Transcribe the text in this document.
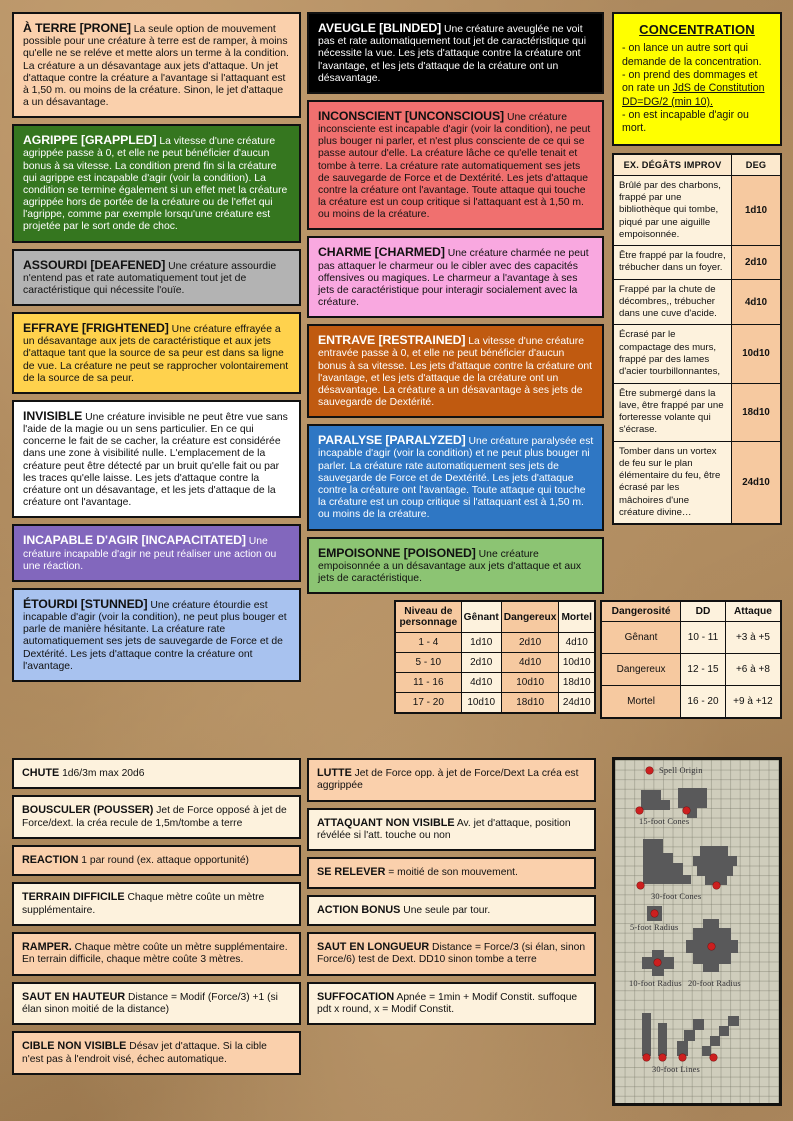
À TERRE [PRONE] La seule option de mouvement possible pour une créature à terre est de ramper, à moins qu'elle ne se reléve et mette alors un terme à la condition. La créature a un désavantage aux jets d'attaque. Un jet d'attaque contre la créature a l'avantage si l'attaquant est à 1,50 m. ou moins de la créature. Sinon, le jet d'attaque a un désavantage.
AGRIPPE [GRAPPLED] La vitesse d'une créature agrippée passe à 0, et elle ne peut bénéficier d'aucun bonus à sa vitesse. La condition prend fin si la créature qui agrippe est incapable d'agir (voir la condition). La condition se termine également si un effet met la créature agrippée hors de portée de la créature ou de l'effet qui l'agrippe, comme par exemple lorsqu'une créature est projetée par le sort onde de choc.
ASSOURDI [DEAFENED] Une créature assourdie n'entend pas et rate automatiquement tout jet de caractéristique qui nécessite l'ouïe.
EFFRAYE [FRIGHTENED] Une créature effrayée a un désavantage aux jets de caractéristique et aux jets d'attaque tant que la source de sa peur est dans sa ligne de vue. La créature ne peut se rapprocher volontairement de la source de sa peur.
INVISIBLE Une créature invisible ne peut être vue sans l'aide de la magie ou un sens particulier. En ce qui concerne le fait de se cacher, la créature est considérée dans une zone à visibilité nulle. L'emplacement de la créature peut être détecté par un bruit qu'elle fait ou par les traces qu'elle laisse. Les jets d'attaque contre la créature ont un désavantage, et les jets d'attaque de la créature ont l'avantage.
INCAPABLE D'AGIR [INCAPACITATED] Une créature incapable d'agir ne peut réaliser une action ou une réaction.
ÉTOURDI [STUNNED] Une créature étourdie est incapable d'agir (voir la condition), ne peut plus bouger et parle de manière hésitante. La créature rate automatiquement ses jets de sauvegarde de Force et de Dextérité. Les jets d'attaque contre la créature ont l'avantage.
AVEUGLE [BLINDED] Une créature aveuglée ne voit pas et rate automatiquement tout jet de caractéristique qui nécessite la vue. Les jets d'attaque contre la créature ont l'avantage, et les jets d'attaque de la créature ont un désavantage.
INCONSCIENT [UNCONSCIOUS] Une créature inconsciente est incapable d'agir (voir la condition), ne peut plus bouger ni parler, et n'est plus consciente de ce qui se passe autour d'elle. La créature lâche ce qu'elle tenait et tombe à terre. La créature rate automatiquement ses jets de sauvegarde de Force et de Dextérité. Les jets d'attaque contre la créature ont l'avantage. Toute attaque qui touche la créature est un coup critique si l'attaquant est à 1,50 m. ou moins de la créature.
CHARME [CHARMED] Une créature charmée ne peut pas attaquer le charmeur ou le cibler avec des capacités offensives ou magiques. Le charmeur a l'avantage à ses jets de caractéristique pour interagir socialement avec la créature.
ENTRAVE [RESTRAINED] La vitesse d'une créature entravée passe à 0, et elle ne peut bénéficier d'aucun bonus à sa vitesse. Les jets d'attaque contre la créature ont l'avantage, et les jets d'attaque de la créature ont un désavantage. La créature a un désavantage à ses jets de sauvegarde de Dextérité.
PARALYSE [PARALYZED] Une créature paralysée est incapable d'agir (voir la condition) et ne peut plus bouger ni parler. La créature rate automatiquement ses jets de sauvegarde de Force et de Dextérité. Les jets d'attaque contre la créature ont l'avantage. Toute attaque qui touche la créature est un coup critique si l'attaquant est à 1,50 m. ou moins de la créature.
EMPOISONNE [POISONED] Une créature empoisonnée a un désavantage aux jets d'attaque et aux jets de caractéristique.
CONCENTRATION
- on lance un autre sort qui demande de la concentration.
- on prend des dommages et on rate un JdS de Constitution DD=DG/2 (min 10).
- on est incapable d'agir ou mort.
EX. DÉGÂTS IMPROV	DEG
Brûlé par des charbons, frappé par une bibliothèque qui tombe, piqué par une aiguille empoisonnée.	1d10
Être frappé par la foudre, trébucher dans un foyer.	2d10
Frappé par la chute de décombres,, trébucher dans une cuve d'acide.	4d10
Écrasé par le compactage des murs, frappé par des lames d'acier tourbillonnantes,	10d10
Être submergé dans la lave, être frappé par une forteresse volante qui s'écrase.	18d10
Tomber dans un vortex de feu sur le plan élémentaire du feu, être écrasé par les mâchoires d'une créature divine…	24d10
Niveau de personnage	Gênant	Dangereux	Mortel
1 - 4	1d10	2d10	4d10
5 - 10	2d10	4d10	10d10
11 - 16	4d10	10d10	18d10
17 - 20	10d10	18d10	24d10
Dangerosité	DD	Attaque
Gênant	10 - 11	+3 à +5
Dangereux	12 - 15	+6 à +8
Mortel	16 - 20	+9 à +12
CHUTE 1d6/3m max 20d6
BOUSCULER (POUSSER) Jet de Force opposé à jet de Force/dext. la créa recule de 1,5m/tombe a terre
REACTION 1 par round (ex. attaque opportunité)
TERRAIN DIFFICILE Chaque mètre coûte un mètre supplémentaire.
RAMPER. Chaque mètre coûte un mètre supplémentaire. En terrain difficile, chaque mètre coûte 3 mètres.
SAUT EN HAUTEUR Distance = Modif (Force/3) +1 (si élan sinon moitié de la distance)
CIBLE NON VISIBLE Désav jet d'attaque. Si la cible n'est pas à l'endroit visé, échec automatique.
LUTTE Jet de Force opp. à jet de Force/Dext La créa est aggrippée
ATTAQUANT NON VISIBLE Av. jet d'attaque, position révélée si l'att. touche ou non
SE RELEVER = moitié de son mouvement.
ACTION BONUS Une seule par tour.
SAUT EN LONGUEUR Distance = Force/3 (si élan, sinon Force/6) test de Dext. DD10 sinon tombe a terre
SUFFOCATION Apnée = 1min + Modif Constit. suffoque pdt x round, x = Modif Constit.
Spell Origin
15-foot Cones
30-foot Cones
5-foot Radius
10-foot Radius 20-foot Radius
30-foot Lines
